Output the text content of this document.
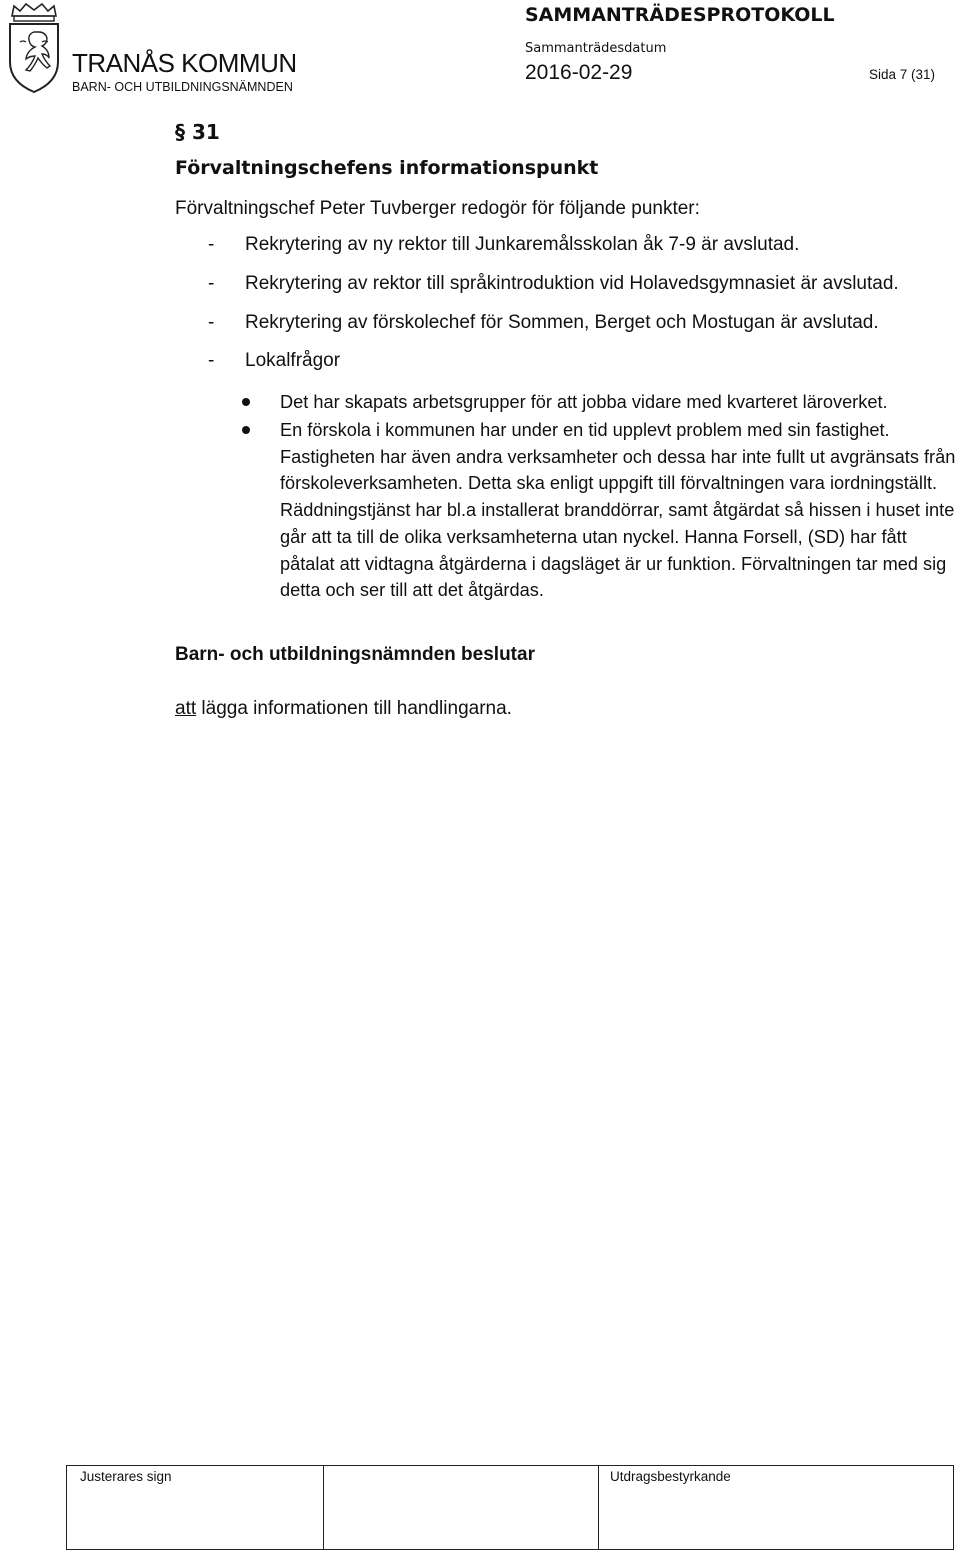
TRANÅS KOMMUN
BARN- OCH UTBILDNINGSNÄMNDEN
SAMMANTRÄDESPROTOKOLL
Sammanträdesdatum
2016-02-29	Sida 7 (31)
§ 31
Förvaltningschefens informationspunkt
Förvaltningschef Peter Tuvberger redogör för följande punkter:
- Rekrytering av ny rektor till Junkaremålsskolan åk 7-9 är avslutad.
- Rekrytering av rektor till språkintroduktion vid Holavedsgymnasiet är avslutad.
- Rekrytering av förskolechef för Sommen, Berget och Mostugan är avslutad.
- Lokalfrågor
Det har skapats arbetsgrupper för att jobba vidare med kvarteret läroverket.
En förskola i kommunen har under en tid upplevt problem med sin fastighet. Fastigheten har även andra verksamheter och dessa har inte fullt ut avgränsats från förskoleverksamheten. Detta ska enligt uppgift till förvaltningen vara iordningställt. Räddningstjänst har bl.a installerat branddörrar, samt åtgärdat så hissen i huset inte går att ta till de olika verksamheterna utan nyckel. Hanna Forsell, (SD) har fått påtalat att vidtagna åtgärderna i dagsläget är ur funktion. Förvaltningen tar med sig detta och ser till att det åtgärdas.
Barn- och utbildningsnämnden beslutar
att lägga informationen till handlingarna.
Justerares sign	Utdragsbestyrkande
